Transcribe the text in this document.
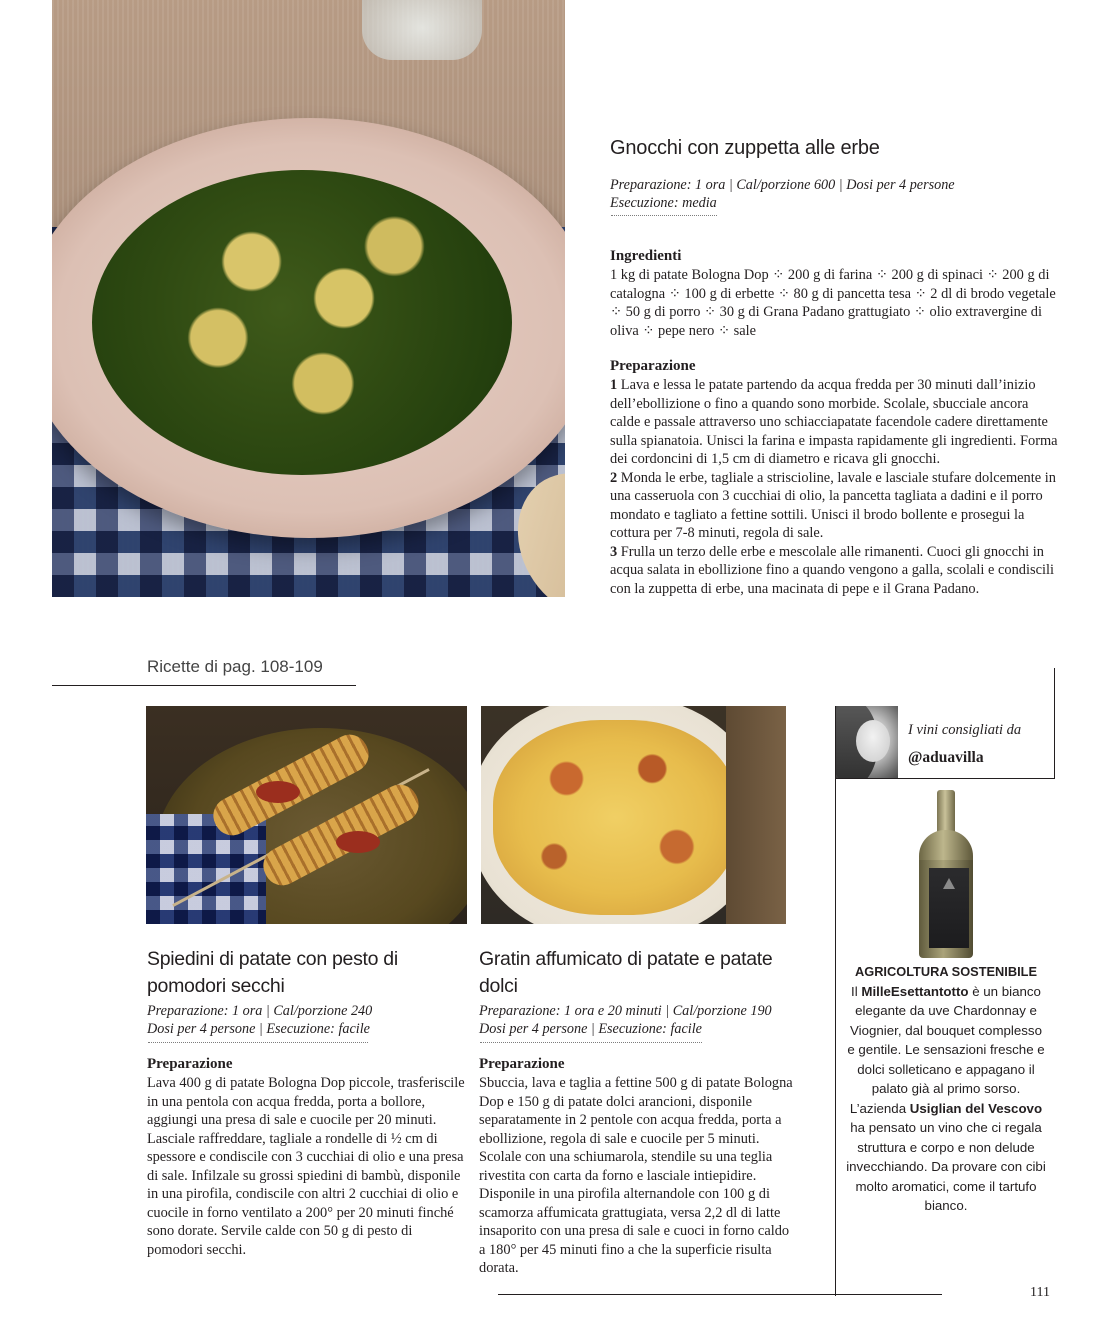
Gnocchi con zuppetta alle erbe
Preparazione: 1 ora | Cal/porzione 600 | Dosi per 4 persone
Esecuzione: media
Ingredienti
1 kg di patate Bologna Dop ⁘ 200 g di farina ⁘ 200 g di spinaci ⁘ 200 g di catalogna ⁘ 100 g di erbette ⁘ 80 g di pancetta tesa ⁘ 2 dl di brodo vegetale ⁘ 50 g di porro ⁘ 30 g di Grana Padano grattugiato ⁘ olio extravergine di oliva ⁘ pepe nero ⁘ sale
Preparazione

1 Lava e lessa le patate partendo da acqua fredda per 30 minuti dall’inizio dell’ebollizione o fino a quando sono morbide. Scolale, sbucciale ancora calde e passale attraverso uno schiacciapatate facendole cadere direttamente sulla spianatoia. Unisci la farina e impasta rapidamente gli ingredienti. Forma dei cordoncini di 1,5 cm di diametro e ricava gli gnocchi.

2 Monda le erbe, tagliale a striscioline, lavale e lasciale stufare dolcemente in una casseruola con 3 cucchiai di olio, la pancetta tagliata a dadini e il porro mondato e tagliato a fettine sottili. Unisci il brodo bollente e prosegui la cottura per 7-8 minuti, regola di sale.

3 Frulla un terzo delle erbe e mescolale alle rimanenti. Cuoci gli gnocchi in acqua salata in ebollizione fino a quando vengono a galla, scolali e condiscili con la zuppetta di erbe, una macinata di pepe e il Grana Padano.

Ricette di pag. 108-109
Spiedini di patate con pesto di pomodori secchi
Preparazione: 1 ora | Cal/porzione 240
Dosi per 4 persone | Esecuzione: facile
Preparazione
Lava 400 g di patate Bologna Dop piccole, trasferiscile in una pentola con acqua fredda, porta a bollore, aggiungi una presa di sale e cuocile per 20 minuti. Lasciale raffreddare, tagliale a rondelle di ½ cm di spessore e condiscile con 3 cucchiai di olio e una presa di sale. Infilzale su grossi spiedini di bambù, disponile in una pirofila, condiscile con altri 2 cucchiai di olio e cuocile in forno ventilato a 200° per 20 minuti finché sono dorate. Servile calde con 50 g di pesto di pomodori secchi.
Gratin affumicato di patate e patate dolci
Preparazione: 1 ora e 20 minuti | Cal/porzione 190
Dosi per 4 persone | Esecuzione: facile
Preparazione
Sbuccia, lava e taglia a fettine 500 g di patate Bologna Dop e 150 g di patate dolci arancioni, disponile separatamente in 2 pentole con acqua fredda, porta a ebollizione, regola di sale e cuocile per 5 minuti. Scolale con una schiumarola, stendile su una teglia rivestita con carta da forno e lasciale intiepidire. Disponile in una pirofila alternandole con 100 g di scamorza affumicata grattugiata, versa 2,2 dl di latte insaporito con una presa di sale e cuoci in forno caldo a 180° per 45 minuti fino a che la superficie risulta dorata.
I vini consigliati da
@aduavilla
AGRICOLTURA SOSTENIBILE
Il MilleEsettantotto è un bianco elegante da uve Chardonnay e Viognier, dal bouquet complesso e gentile. Le sensazioni fresche e dolci solleticano e appagano il palato già al primo sorso. L’azienda Usiglian del Vescovo ha pensato un vino che ci regala struttura e corpo e non delude invecchiando. Da provare con cibi molto aromatici, come il tartufo bianco.
111
